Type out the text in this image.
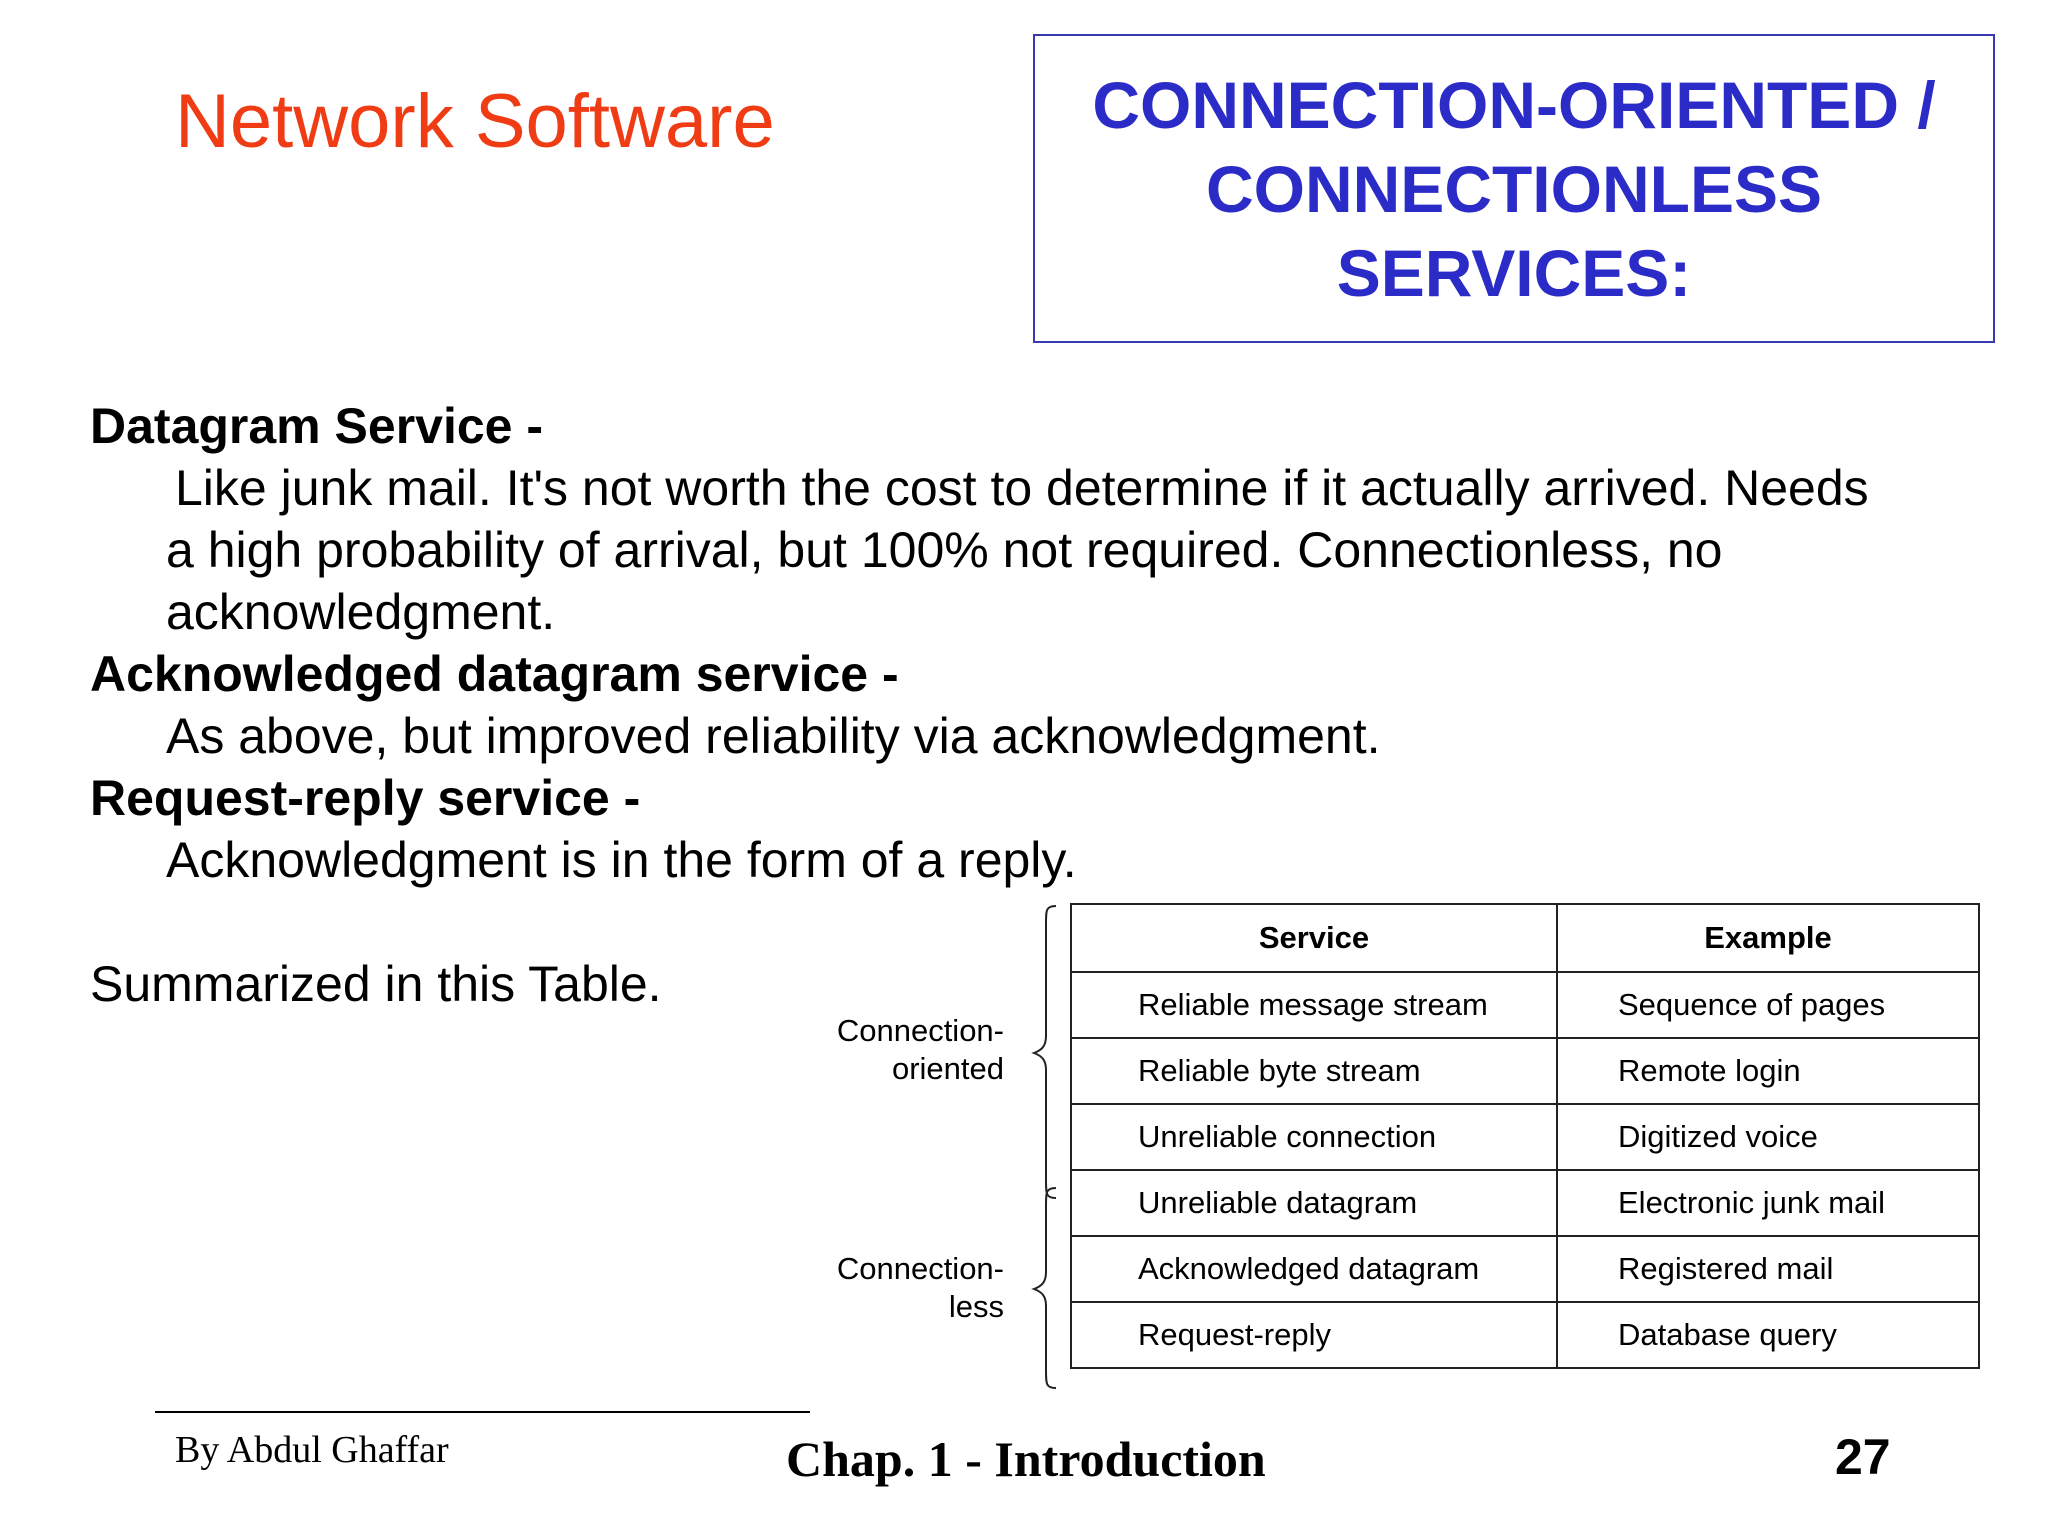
Network Software	CONNECTION-ORIENTED /
CONNECTIONLESS
SERVICES:
Datagram Service -
Like junk mail. It's not worth the cost to determine if it actually arrived. Needs
a high probability of arrival, but 100% not required. Connectionless, no
acknowledgment.
Acknowledged datagram service -
As above, but improved reliability via acknowledgment.
Request-reply service -
Acknowledgment is in the form of a reply.
Summarized in this Table.
Connection-
oriented
Connection-
less
Service	Example
Reliable message stream	Sequence of pages
Reliable byte stream	Remote login
Unreliable connection	Digitized voice
Unreliable datagram	Electronic junk mail
Acknowledged datagram	Registered mail
Request-reply	Database query
By Abdul Ghaffar	Chap. 1 - Introduction	27
